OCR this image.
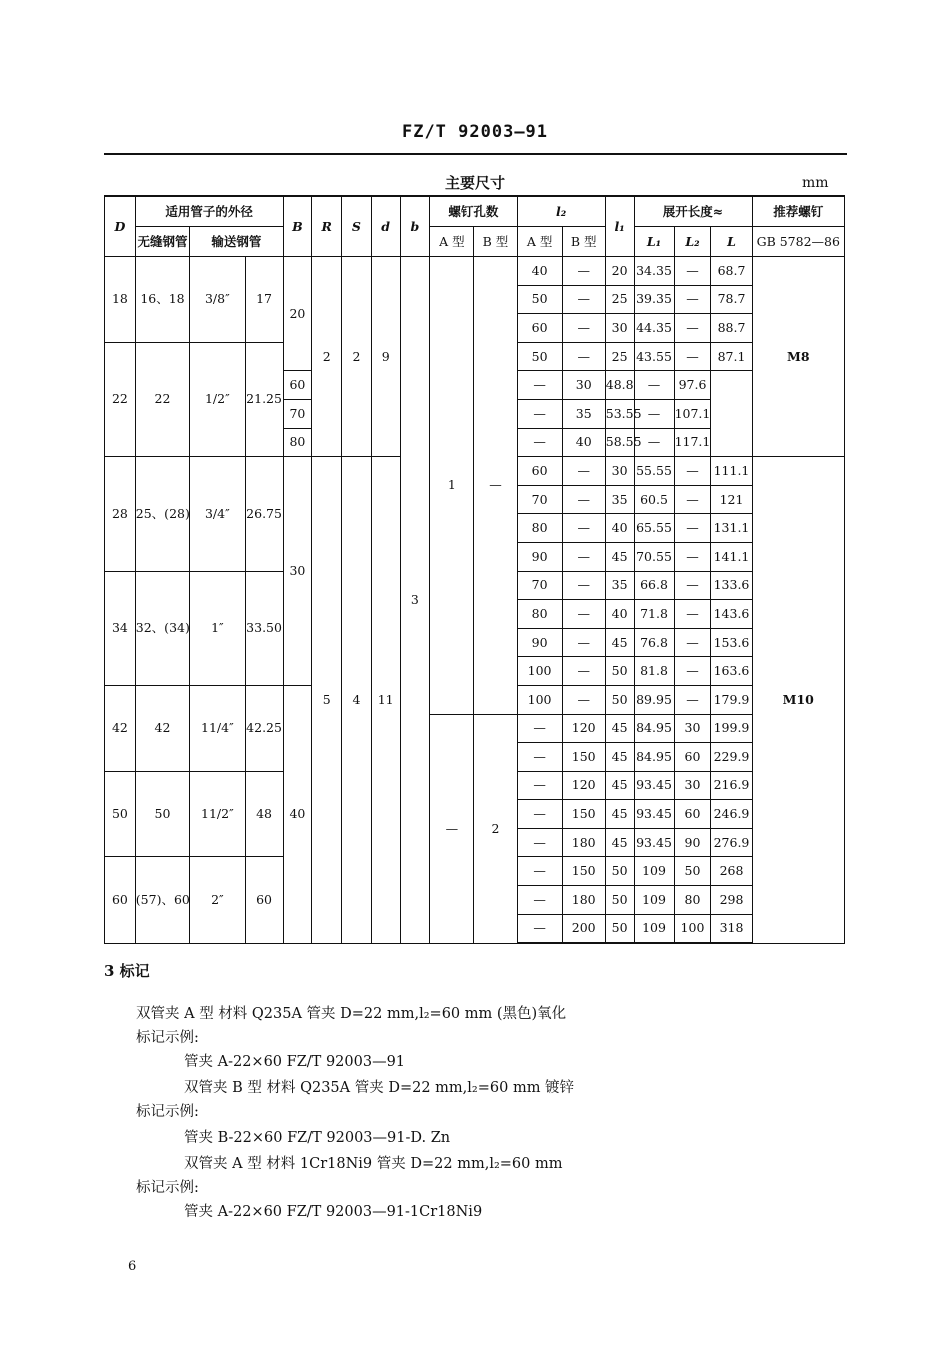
FZ/T 92003—91
主要尺寸	mm
D	适用管子的外径			B	R	S	d	b	螺钉孔数		l₂		l₁	展开长度≈			推荐螺钉
	无缝钢管	输送钢管							A 型	B 型	A 型	B 型		L₁	L₂	L	GB 5782—86
18	16、18	3/8″	17	20	2	2	9	3	1	—	40	—	20	34.35	—	68.7	M8
											50	—	25	39.35	—	78.7	
											60	—	30	44.35	—	88.7	
22	22	1/2″	21.25								50	—	25	43.55	—	87.1	
				60							—	30	48.8	—	97.6		
				70							—	35	53.55	—	107.1		
				80							—	40	58.55	—	117.1		
28	25、(28)	3/4″	26.75	30	5	4	11				60	—	30	55.55	—	111.1	M10
											70	—	35	60.5	—	121	
											80	—	40	65.55	—	131.1	
											90	—	45	70.55	—	141.1	
34	32、(34)	1″	33.50								70	—	35	66.8	—	133.6	
											80	—	40	71.8	—	143.6	
											90	—	45	76.8	—	153.6	
											100	—	50	81.8	—	163.6	
42	42	11/4″	42.25	40							100	—	50	89.95	—	179.9	
									—	2	—	120	45	84.95	30	199.9	
											—	150	45	84.95	60	229.9	
50	50	11/2″	48								—	120	45	93.45	30	216.9	
											—	150	45	93.45	60	246.9	
											—	180	45	93.45	90	276.9	
60	(57)、60	2″	60								—	150	50	109	50	268	
											—	180	50	109	80	298	
											—	200	50	109	100	318	
3 标记
双管夹 A 型 材料 Q235A 管夹 D=22 mm,l₂=60 mm (黑色)氧化
标记示例:
管夹 A-22×60 FZ/T 92003—91
双管夹 B 型 材料 Q235A 管夹 D=22 mm,l₂=60 mm 镀锌
标记示例:
管夹 B-22×60 FZ/T 92003—91-D. Zn
双管夹 A 型 材料 1Cr18Ni9 管夹 D=22 mm,l₂=60 mm
标记示例:
管夹 A-22×60 FZ/T 92003—91-1Cr18Ni9
6
